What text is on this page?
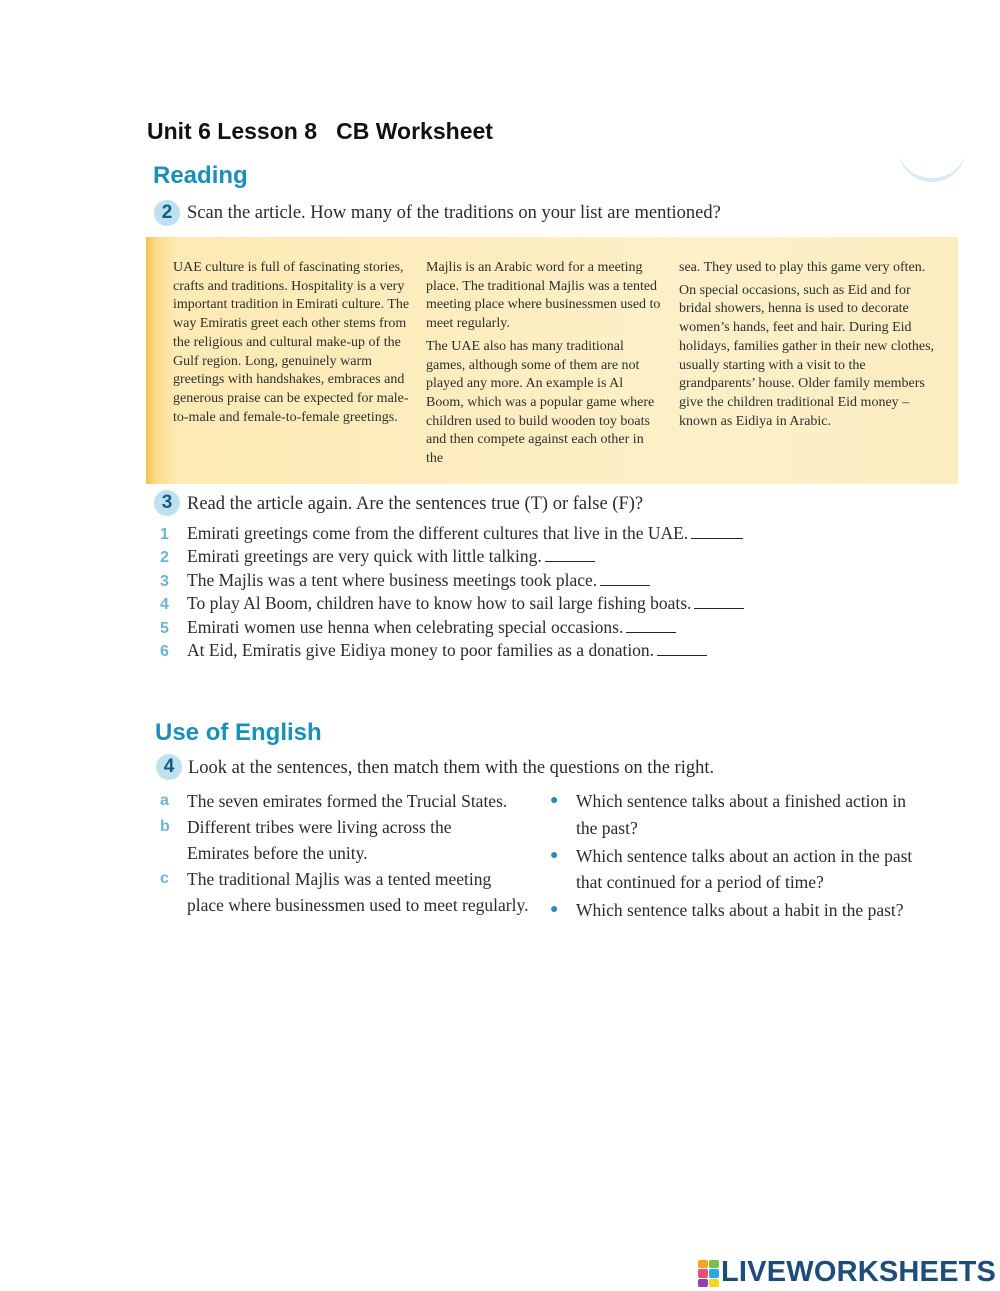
Unit 6 Lesson 8   CB Worksheet
Reading
2 Scan the article. How many of the traditions on your list are mentioned?

UAE culture is full of fascinating stories, crafts and traditions. Hospitality is a very important tradition in Emirati culture. The way Emiratis greet each other stems from the religious and cultural make-up of the Gulf region. Long, genuinely warm greetings with handshakes, embraces and generous praise can be expected for male-to-male and female-to-female greetings.

Majlis is an Arabic word for a meeting place. The traditional Majlis was a tented meeting place where businessmen used to meet regularly.

The UAE also has many traditional games, although some of them are not played any more. An example is Al Boom, which was a popular game where children used to build wooden toy boats and then compete against each other in the

sea. They used to play this game very often.

On special occasions, such as Eid and for bridal showers, henna is used to decorate women’s hands, feet and hair. During Eid holidays, families gather in their new clothes, usually starting with a visit to the grandparents’ house. Older family members give the children traditional Eid money – known as Eidiya in Arabic.

3 Read the article again. Are the sentences true (T) or false (F)?
1	Emirati greetings come from the different cultures that live in the UAE.
2	Emirati greetings are very quick with little talking.
3	The Majlis was a tent where business meetings took place.
4	To play Al Boom, children have to know how to sail large fishing boats.
5	Emirati women use henna when celebrating special occasions.
6	At Eid, Emiratis give Eidiya money to poor families as a donation.
Use of English
4 Look at the sentences, then match them with the questions on the right.
a	The seven emirates formed the Trucial States.
b Different tribes were living across the Emirates before the unity.
c	The traditional Majlis was a tented meeting place where businessmen used to meet regularly.
●	Which sentence talks about a finished action in the past?
●	Which sentence talks about an action in the past that continued for a period of time?
●	Which sentence talks about a habit in the past?
LIVEWORKSHEETS
